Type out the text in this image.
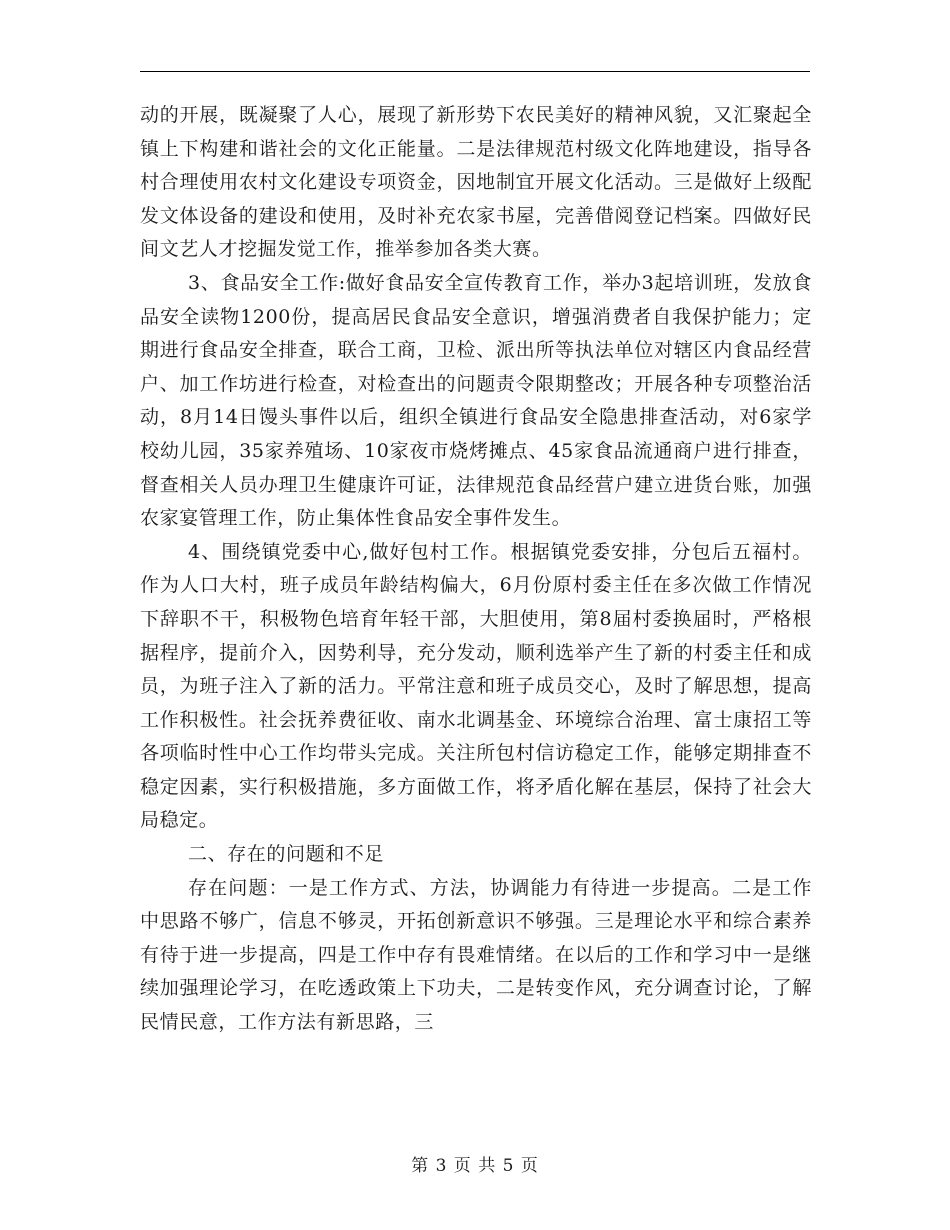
动的开展，既凝聚了人心，展现了新形势下农民美好的精神风貌，又汇聚起全镇上下构建和谐社会的文化正能量。二是法律规范村级文化阵地建设，指导各村合理使用农村文化建设专项资金，因地制宜开展文化活动。三是做好上级配发文体设备的建设和使用，及时补充农家书屋，完善借阅登记档案。四做好民间文艺人才挖掘发觉工作，推举参加各类大赛。

3、食品安全工作:做好食品安全宣传教育工作，举办3起培训班，发放食品安全读物1200份，提高居民食品安全意识，增强消费者自我保护能力；定期进行食品安全排查，联合工商，卫检、派出所等执法单位对辖区内食品经营户、加工作坊进行检查，对检查出的问题责令限期整改；开展各种专项整治活动，8月14日馒头事件以后，组织全镇进行食品安全隐患排查活动，对6家学校幼儿园，35家养殖场、10家夜市烧烤摊点、45家食品流通商户进行排查，督查相关人员办理卫生健康许可证，法律规范食品经营户建立进货台账，加强农家宴管理工作，防止集体性食品安全事件发生。

4、围绕镇党委中心,做好包村工作。根据镇党委安排，分包后五福村。作为人口大村，班子成员年龄结构偏大，6月份原村委主任在多次做工作情况下辞职不干，积极物色培育年轻干部，大胆使用，第8届村委换届时，严格根据程序，提前介入，因势利导，充分发动，顺利选举产生了新的村委主任和成员，为班子注入了新的活力。平常注意和班子成员交心，及时了解思想，提高工作积极性。社会抚养费征收、南水北调基金、环境综合治理、富士康招工等各项临时性中心工作均带头完成。关注所包村信访稳定工作，能够定期排查不稳定因素，实行积极措施，多方面做工作，将矛盾化解在基层，保持了社会大局稳定。

二、存在的问题和不足

存在问题：一是工作方式、方法，协调能力有待进一步提高。二是工作中思路不够广，信息不够灵，开拓创新意识不够强。三是理论水平和综合素养有待于进一步提高，四是工作中存有畏难情绪。在以后的工作和学习中一是继续加强理论学习，在吃透政策上下功夫，二是转变作风，充分调查讨论，了解民情民意，工作方法有新思路，三

第 3 页 共 5 页
